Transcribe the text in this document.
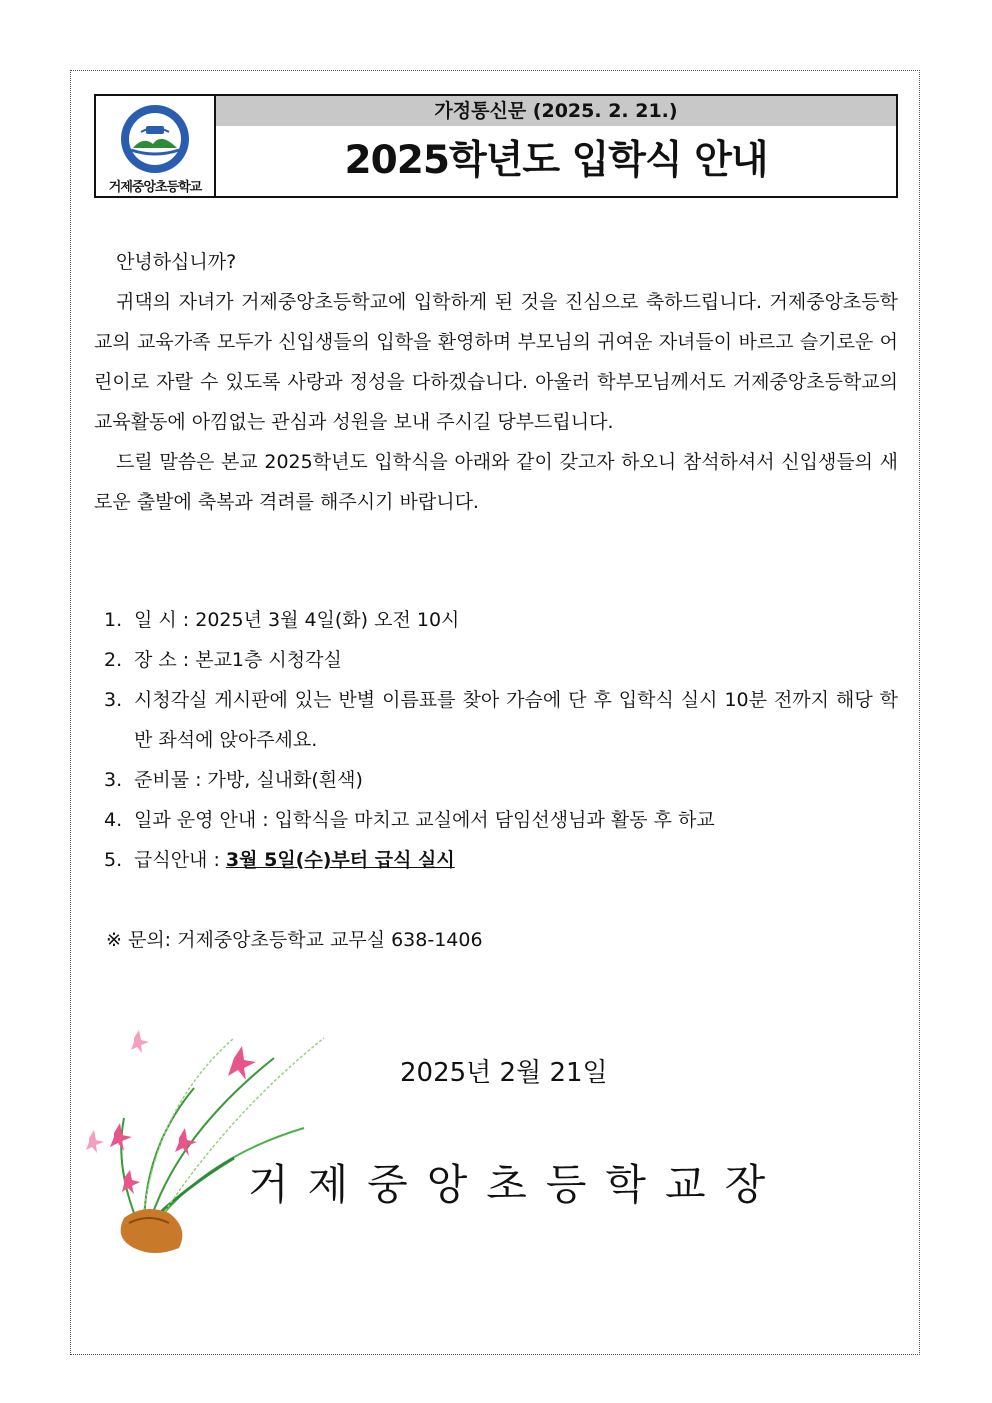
거제중앙초등학교
가정통신문 (2025. 2. 21.)
2025학년도 입학식 안내

안녕하십니까?

귀댁의 자녀가 거제중앙초등학교에 입학하게 된 것을 진심으로 축하드립니다. 거제중앙초등학교의 교육가족 모두가 신입생들의 입학을 환영하며 부모님의 귀여운 자녀들이 바르고 슬기로운 어린이로 자랄 수 있도록 사랑과 정성을 다하겠습니다. 아울러 학부모님께서도 거제중앙초등학교의 교육활동에 아낌없는 관심과 성원을 보내 주시길 당부드립니다.

드릴 말씀은 본교 2025학년도 입학식을 아래와 같이 갖고자 하오니 참석하셔서 신입생들의 새로운 출발에 축복과 격려를 해주시기 바랍니다.

1. 일 시 : 2025년 3월 4일(화) 오전 10시
2. 장 소 : 본교1층 시청각실
3. 시청각실 게시판에 있는 반별 이름표를 찾아 가슴에 단 후 입학식 실시 10분 전까지 해당 학반 좌석에 앉아주세요.
3. 준비물 : 가방, 실내화(흰색)
4. 일과 운영 안내 : 입학식을 마치고 교실에서 담임선생님과 활동 후 하교
5. 급식안내 : 3월 5일(수)부터 급식 실시
※ 문의: 거제중앙초등학교 교무실 638-1406
2025년 2월 21일
거제중앙초등학교장
